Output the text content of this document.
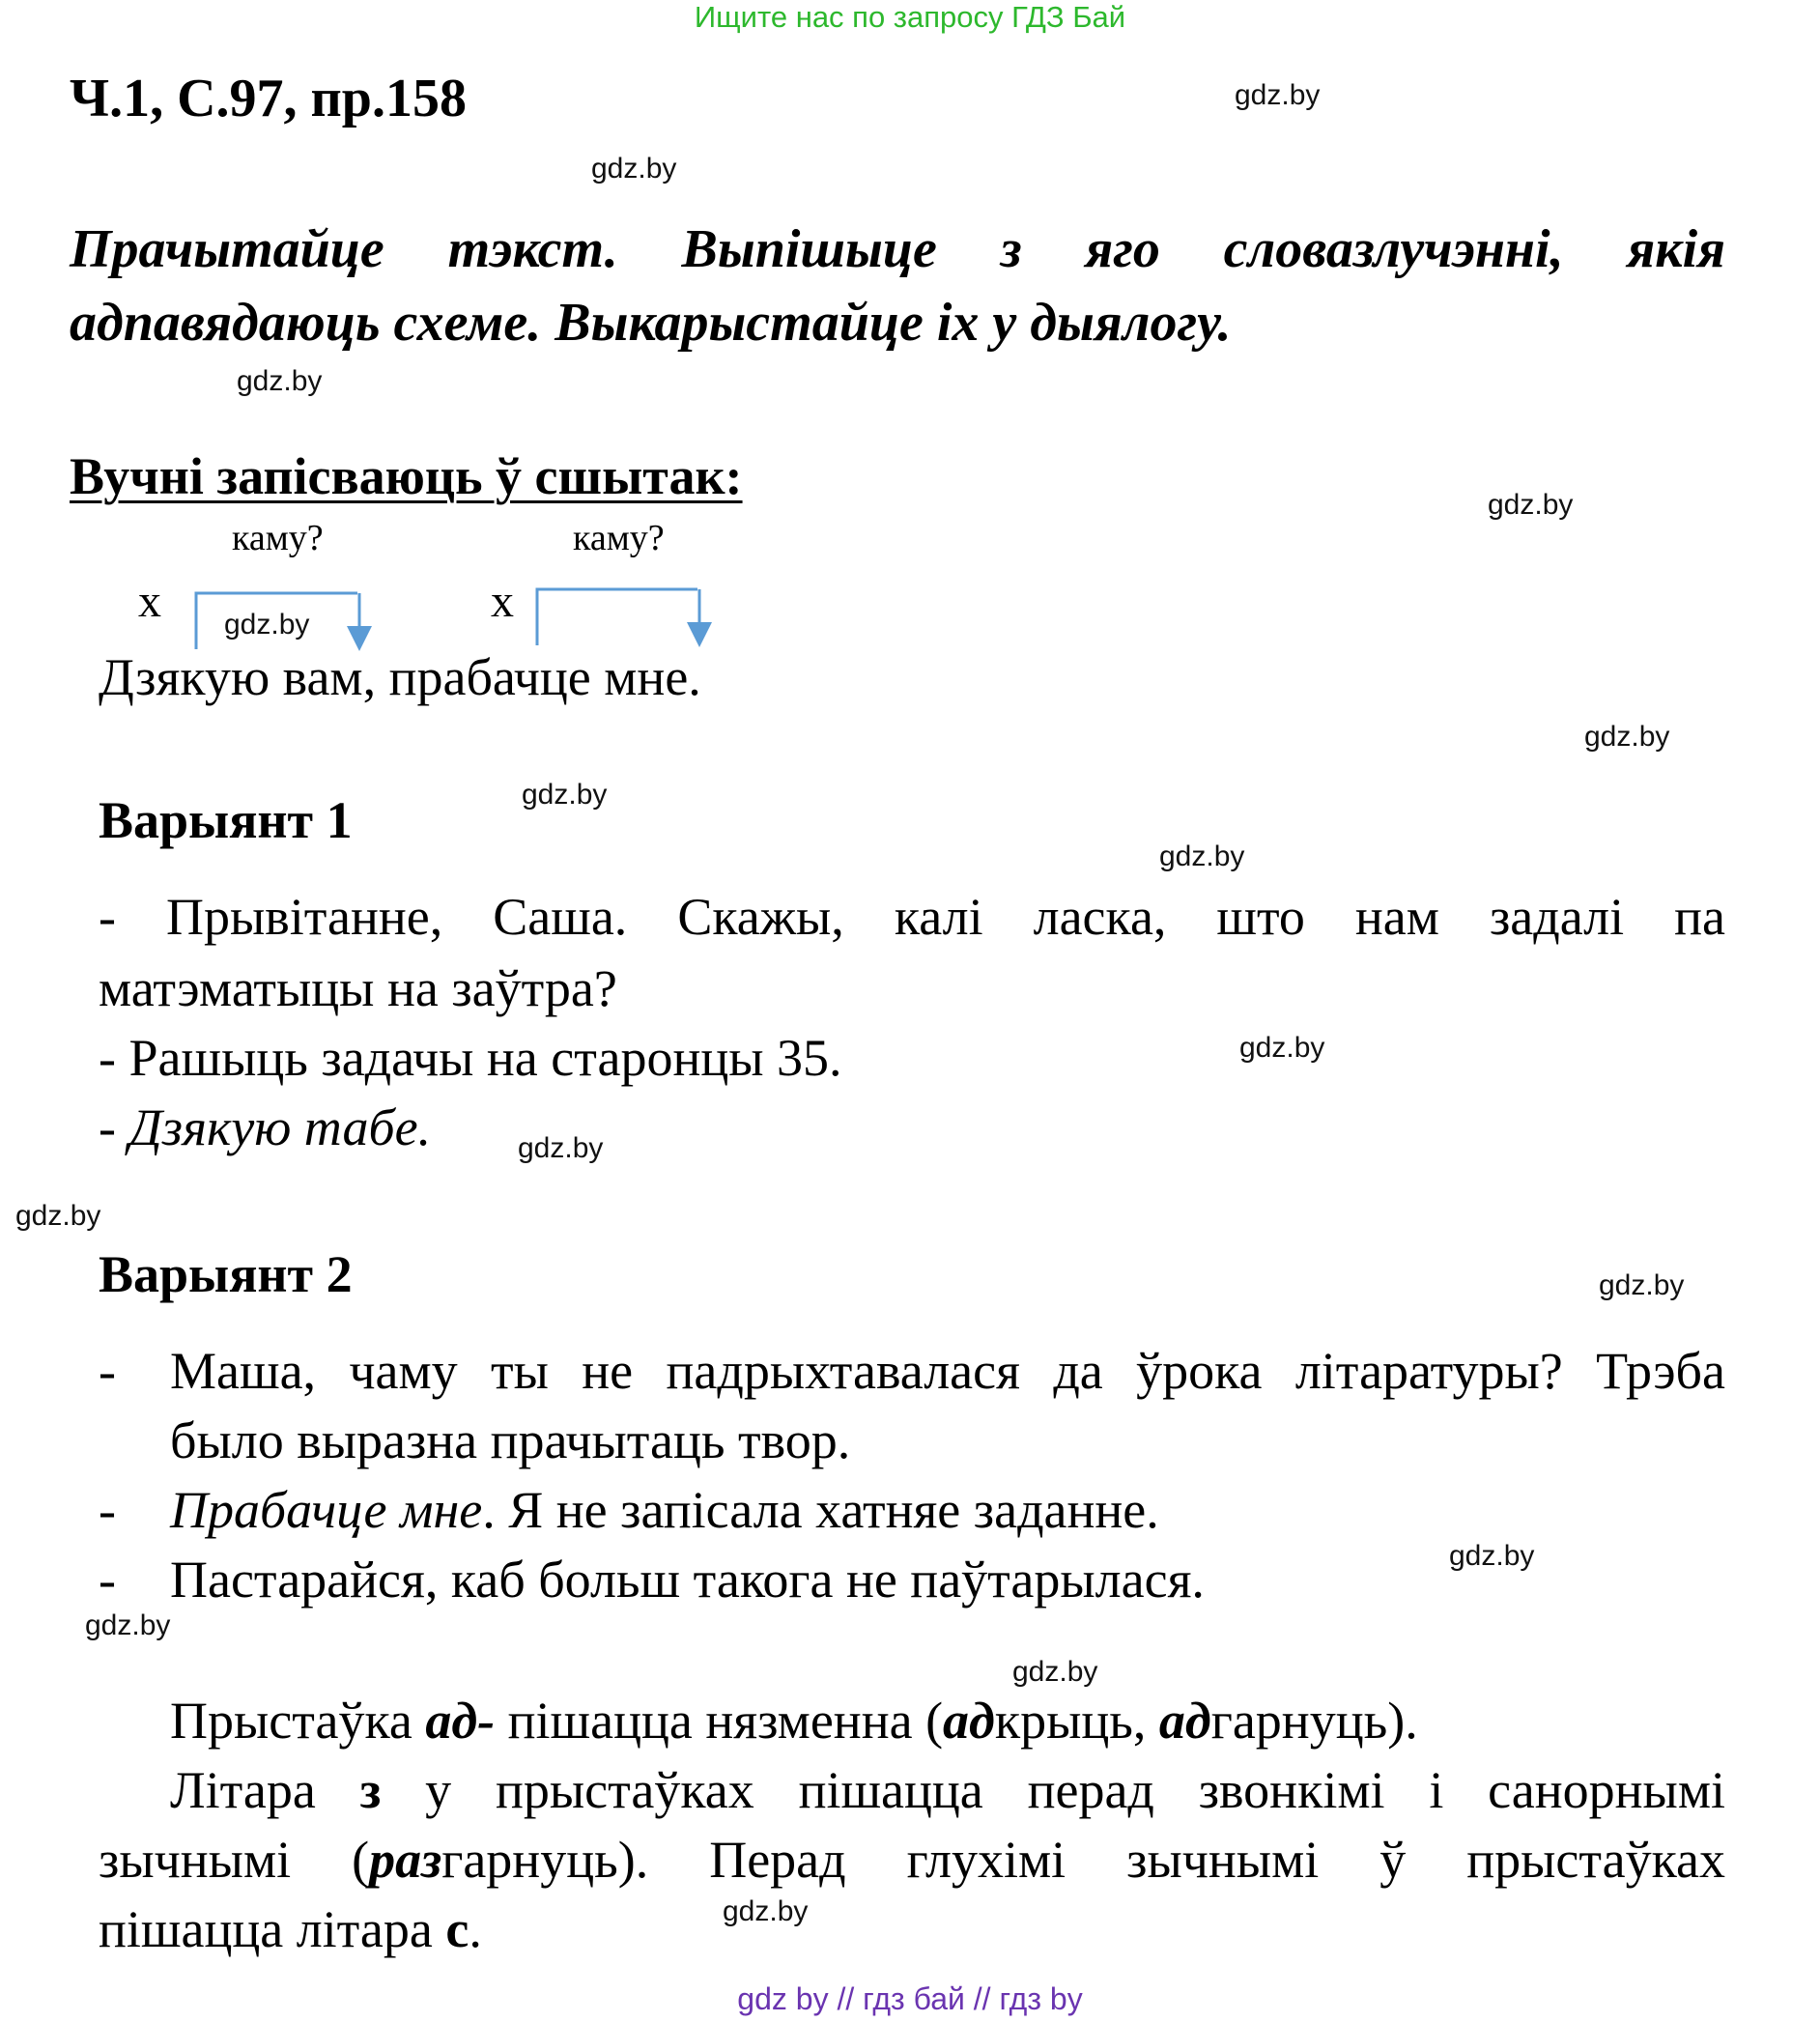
Ищите нас по запросу ГДЗ Бай
gdz by // гдз бай // гдз by
Ч.1, С.97, пр.158
Прачытайце тэкст. Выпішыце з яго словазлучэнні, якія
адпавядаюць схеме. Выкарыстайце іх у дыялогу.
Вучні запісваюць ў сшытак:
каму?	каму?
х	х
Дзякую вам, прабачце мне.
Варыянт 1
- Прывітанне, Саша. Скажы, калі ласка, што нам задалі па
матэматыцы на заўтра?
- Рашыць задачы на старонцы 35.
- Дзякую табе.
Варыянт 2
- Маша, чаму ты не падрыхтавалася да ўрока літаратуры? Трэба
было выразна прачытаць твор.
- Прабачце мне. Я не запісала хатняе заданне.
- Пастарайся, каб больш такога не паўтарылася.
Прыстаўка ад- пішацца нязменна (адкрыць, адгарнуць).
Літара з у прыстаўках пішацца перад звонкімі і санорнымі
зычнымі (разгарнуць). Перад глухімі зычнымі ў прыстаўках
пішацца літара с.
gdz.by
gdz.by
gdz.by
gdz.by
gdz.by
gdz.by
gdz.by
gdz.by
gdz.by
gdz.by
gdz.by
gdz.by
gdz.by
gdz.by
gdz.by
gdz.by
